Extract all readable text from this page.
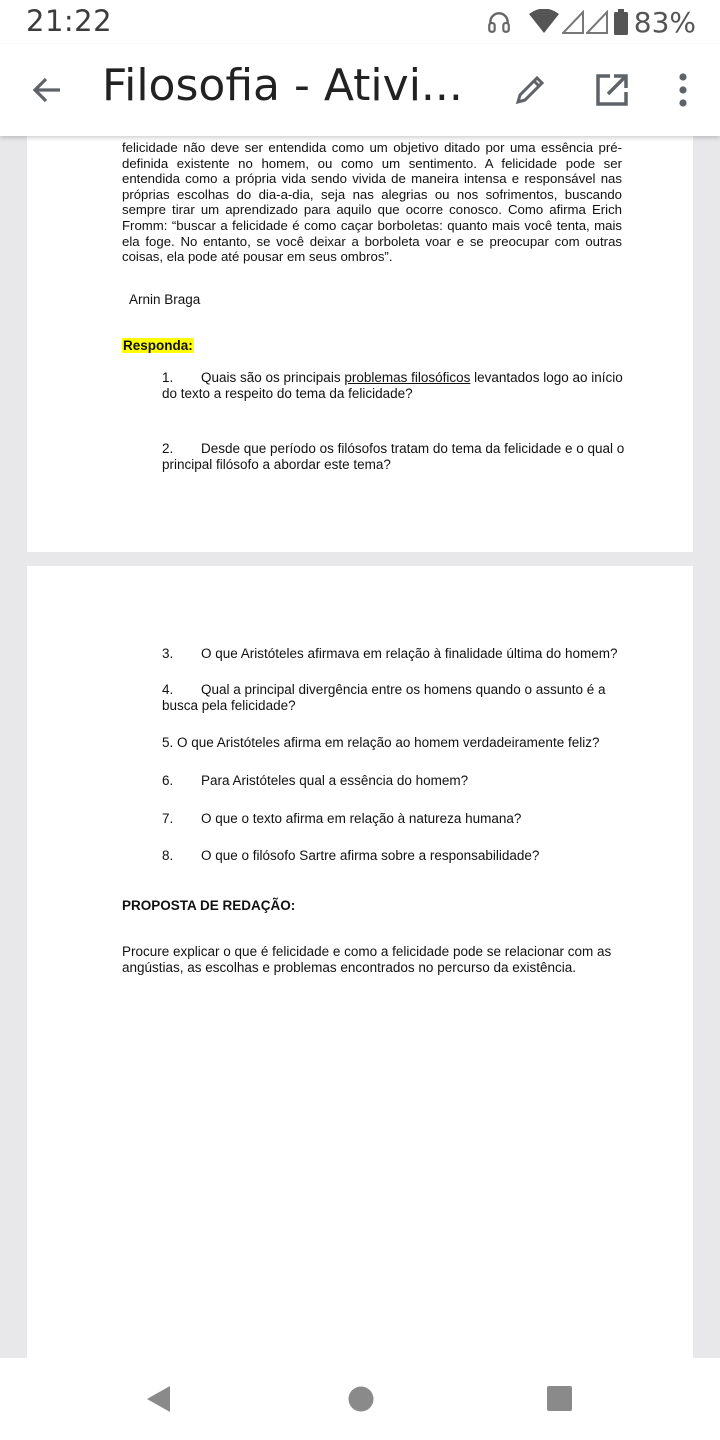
21:22	83%
Filosofia - Ativi...
felicidade não deve ser entendida como um objetivo ditado por uma essência pré-definida existente no homem, ou como um sentimento. A felicidade pode ser entendida como a própria vida sendo vivida de maneira intensa e responsável nas próprias escolhas do dia-a-dia, seja nas alegrias ou nos sofrimentos, buscando sempre tirar um aprendizado para aquilo que ocorre conosco. Como afirma Erich Fromm: “buscar a felicidade é como caçar borboletas: quanto mais você tenta, mais ela foge. No entanto, se você deixar a borboleta voar e se preocupar com outras coisas, ela pode até pousar em seus ombros”.
Arnin Braga
Responda:
1. Quais são os principais problemas filosóficos levantados logo ao início do texto a respeito do tema da felicidade?
2. Desde que período os filósofos tratam do tema da felicidade e o qual o principal filósofo a abordar este tema?
3. O que Aristóteles afirmava em relação à finalidade última do homem?
4. Qual a principal divergência entre os homens quando o assunto é a busca pela felicidade?
5. O que Aristóteles afirma em relação ao homem verdadeiramente feliz?
6. Para Aristóteles qual a essência do homem?
7. O que o texto afirma em relação à natureza humana?
8. O que o filósofo Sartre afirma sobre a responsabilidade?
PROPOSTA DE REDAÇÃO:
Procure explicar o que é felicidade e como a felicidade pode se relacionar com as angústias, as escolhas e problemas encontrados no percurso da existência.
